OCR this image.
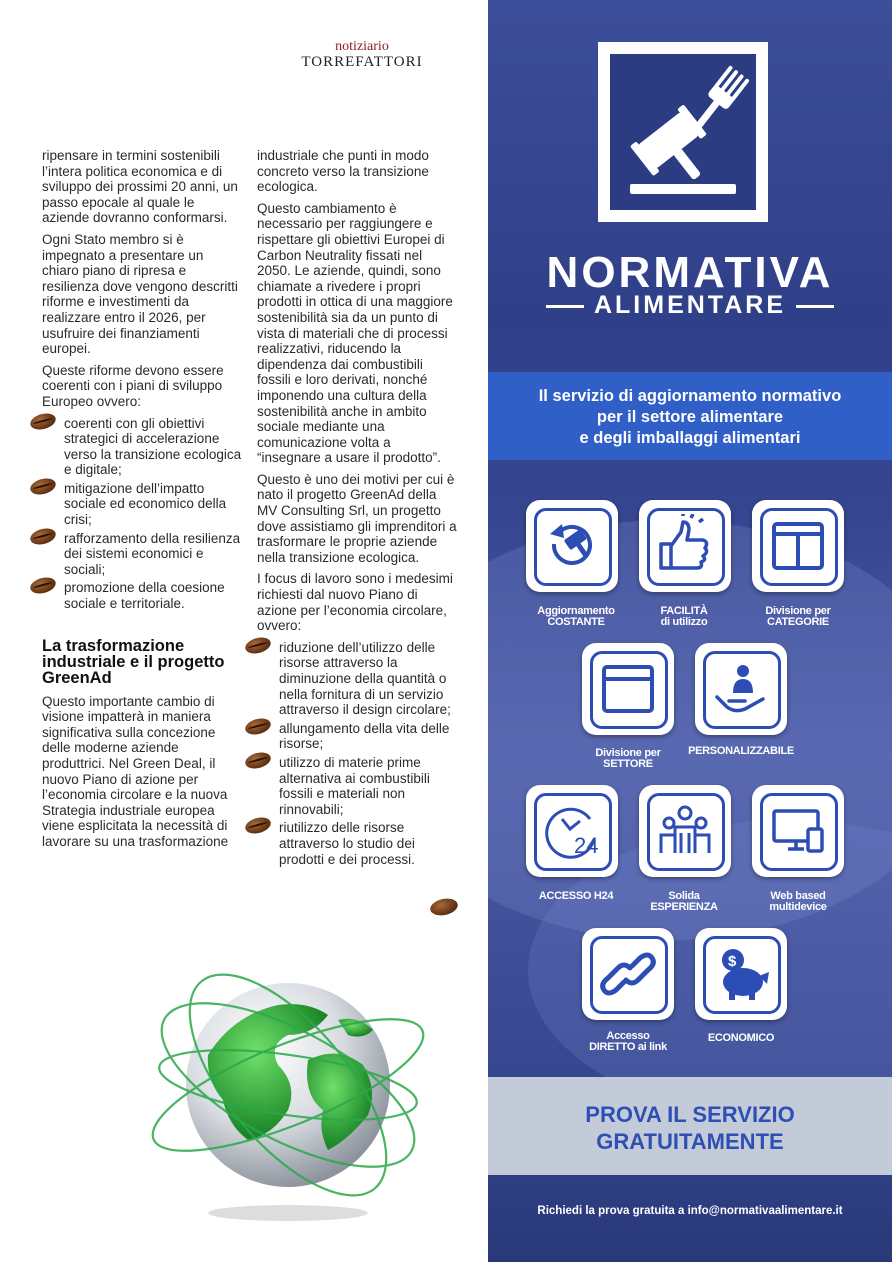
notiziario
TORREFATTORI

ripensare in termini sostenibili l’intera politica economica e di sviluppo dei prossimi 20 anni, un passo epocale al quale le aziende dovranno conformarsi.

Ogni Stato membro si è impegnato a presentare un chiaro piano di ripresa e resilienza dove vengono descritti riforme e investimenti da realizzare entro il 2026, per usufruire dei finanziamenti europei.

Queste riforme devono essere coerenti con i piani di sviluppo Europeo ovvero:

coerenti con gli obiettivi strategici di accelerazione verso la transizione ecologica e digitale;
mitigazione dell’impatto sociale ed economico della crisi;
rafforzamento della resilienza dei sistemi economici e sociali;
promozione della coesione sociale e territoriale.
La trasformazione industriale e il progetto GreenAd

Questo importante cambio di visione impatterà in maniera significativa sulla concezione delle moderne aziende produttrici. Nel Green Deal, il nuovo Piano di azione per l’economia circolare e la nuova Strategia industriale europea viene esplicitata la necessità di lavorare su una trasformazione

industriale che punti in modo concreto verso la transizione ecologica.

Questo cambiamento è necessario per raggiungere e rispettare gli obiettivi Europei di Carbon Neutrality fissati nel 2050. Le aziende, quindi, sono chiamate a rivedere i propri prodotti in ottica di una maggiore sostenibilità sia da un punto di vista di materiali che di processi realizzativi, riducendo la dipendenza dai combustibili fossili e loro derivati, nonché imponendo una cultura della sostenibilità anche in ambito sociale mediante una comunicazione volta a “insegnare a usare il prodotto”.

Questo è uno dei motivi per cui è nato il progetto GreenAd della MV Consulting Srl, un progetto dove assistiamo gli imprenditori a trasformare le proprie aziende nella transizione ecologica.

I focus di lavoro sono i medesimi richiesti dal nuovo Piano di azione per l’economia circolare, ovvero:

riduzione dell’utilizzo delle risorse attraverso la diminuzione della quantità o nella fornitura di un servizio attraverso il design circolare;
allungamento della vita delle risorse;
utilizzo di materie prime alternativa ai combustibili fossili e materiali non rinnovabili;
riutilizzo delle risorse attraverso lo studio dei prodotti e dei processi.
NORMATIVA
ALIMENTARE
Il servizio di aggiornamento normativo
per il settore alimentare
e degli imballaggi alimentari
Aggiornamento
COSTANTE
FACILITÀ
di utilizzo
Divisione per
CATEGORIE
Divisione per
SETTORE
PERSONALIZZABILE
24
ACCESSO H24	Solida
ESPERIENZA
Web based
multidevice
Accesso
DIRETTO ai link
$
ECONOMICO
PROVA IL SERVIZIO
GRATUITAMENTE
Richiedi la prova gratuita a info@normativaalimentare.it
